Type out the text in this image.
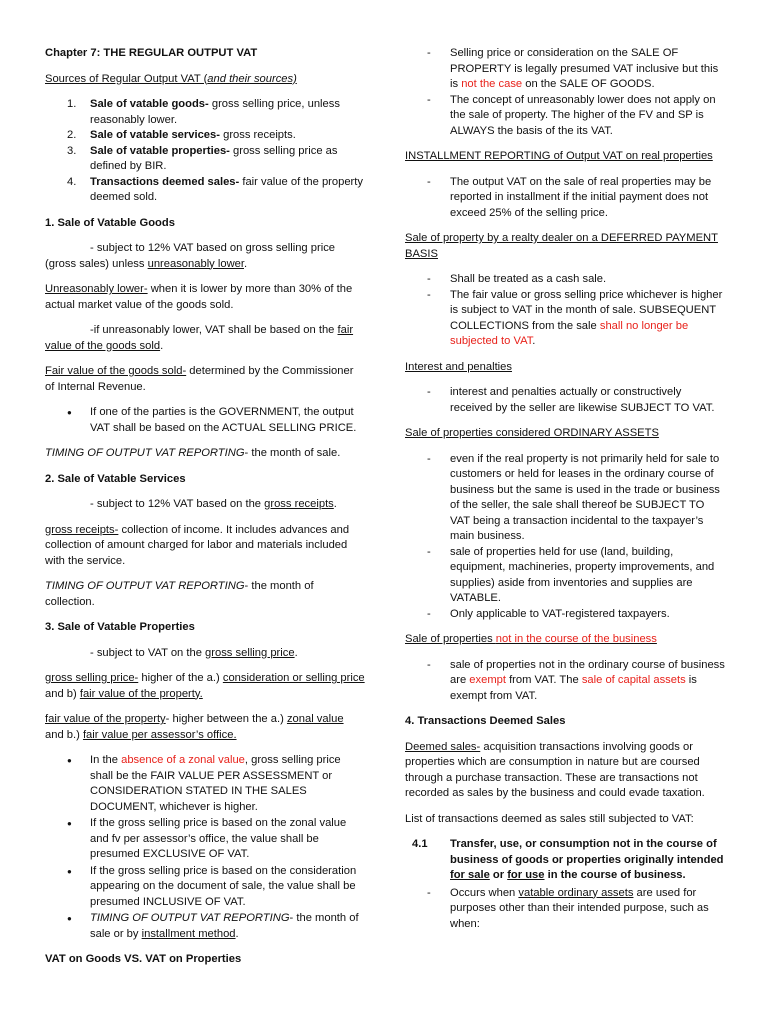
Chapter 7: THE REGULAR OUTPUT VAT

Sources of Regular Output VAT (and their sources)

1. Sale of vatable goods- gross selling price, unless reasonably lower.
2. Sale of vatable services- gross receipts.
3. Sale of vatable properties- gross selling price as defined by BIR.
4. Transactions deemed sales- fair value of the property deemed sold.

1. Sale of Vatable Goods

- subject to 12% VAT based on gross selling price (gross sales) unless unreasonably lower.

Unreasonably lower- when it is lower by more than 30% of the actual market value of the goods sold.

-if unreasonably lower, VAT shall be based on the fair value of the goods sold.

Fair value of the goods sold- determined by the Commissioner of Internal Revenue.

● If one of the parties is the GOVERNMENT, the output VAT shall be based on the ACTUAL SELLING PRICE.

TIMING OF OUTPUT VAT REPORTING- the month of sale.

2. Sale of Vatable Services

- subject to 12% VAT based on the gross receipts.

gross receipts- collection of income. It includes advances and collection of amount charged for labor and materials included with the service.

TIMING OF OUTPUT VAT REPORTING- the month of collection.

3. Sale of Vatable Properties

- subject to VAT on the gross selling price.

gross selling price- higher of the a.) consideration or selling price and b) fair value of the property.

fair value of the property- higher between the a.) zonal value and b.) fair value per assessor’s office.

● In the absence of a zonal value, gross selling price shall be the FAIR VALUE PER ASSESSMENT or CONSIDERATION STATED IN THE SALES DOCUMENT, whichever is higher.
● If the gross selling price is based on the zonal value and fv per assessor’s office, the value shall be presumed EXCLUSIVE OF VAT.
● If the gross selling price is based on the consideration appearing on the document of sale, the value shall be presumed INCLUSIVE OF VAT.
● TIMING OF OUTPUT VAT REPORTING- the month of sale or by installment method.

VAT on Goods VS. VAT on Properties

- Selling price or consideration on the SALE OF PROPERTY is legally presumed VAT inclusive but this is not the case on the SALE OF GOODS.
- The concept of unreasonably lower does not apply on the sale of property. The higher of the FV and SP is ALWAYS the basis of the its VAT.

INSTALLMENT REPORTING of Output VAT on real properties

- The output VAT on the sale of real properties may be reported in installment if the initial payment does not exceed 25% of the selling price.

Sale of property by a realty dealer on a DEFERRED PAYMENT BASIS

- Shall be treated as a cash sale.
- The fair value or gross selling price whichever is higher is subject to VAT in the month of sale. SUBSEQUENT COLLECTIONS from the sale shall no longer be subjected to VAT.

Interest and penalties

- interest and penalties actually or constructively received by the seller are likewise SUBJECT TO VAT.

Sale of properties considered ORDINARY ASSETS

- even if the real property is not primarily held for sale to customers or held for leases in the ordinary course of business but the same is used in the trade or business of the seller, the sale shall thereof be SUBJECT TO VAT being a transaction incidental to the taxpayer’s main business.
- sale of properties held for use (land, building, equipment, machineries, property improvements, and supplies) aside from inventories and supplies are VATABLE.
- Only applicable to VAT-registered taxpayers.

Sale of properties not in the course of the business

- sale of properties not in the ordinary course of business are exempt from VAT. The sale of capital assets is exempt from VAT.

4. Transactions Deemed Sales

Deemed sales- acquisition transactions involving goods or properties which are consumption in nature but are coursed through a purchase transaction. These are transactions not recorded as sales by the business and could evade taxation.

List of transactions deemed as sales still subjected to VAT:

4.1 Transfer, use, or consumption not in the course of business of goods or properties originally intended for sale or for use in the course of business.

- Occurs when vatable ordinary assets are used for purposes other than their intended purpose, such as when:
